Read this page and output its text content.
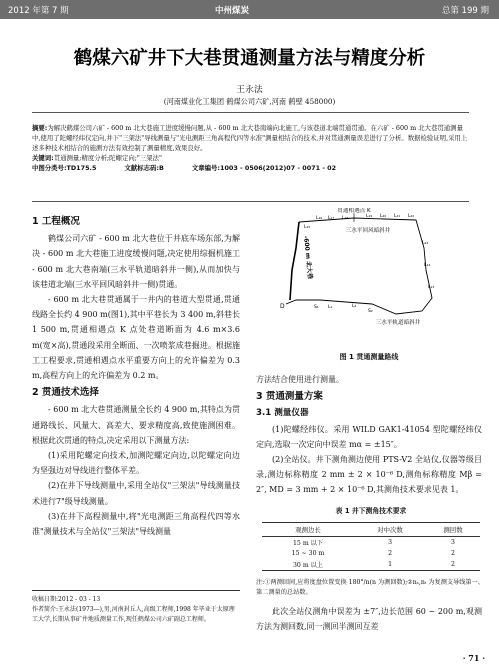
2012 年第 7 期	中州煤炭	总第 199 期
鹤煤六矿井下大巷贯通测量方法与精度分析
王永法
(河南煤业化工集团 鹤煤公司六矿,河南 鹤壁 458000)

摘要:为解决鹤煤公司六矿 - 600 m 北大巷施工进度缓慢问题,从 - 600 m 北大巷南端向北施工,与该巷道北端贯通贯通。在六矿 - 600 m 北大巷贯通测量中,使用了陀螺经纬仪定向,井下"三架法"导线测量与"光电测距三角高程代四等水准"测量相结合的技术,并对贯通测量误差进行了分析。数据检验证明,采用上述多种技术相结合的施测方法有效控制了测量精度,效果良好。

关键词:贯通测量;精度分析;陀螺定向;"三架法"

中图分类号:TD175.5	文献标志码:B	文章编号:1003 - 0506(2012)07 - 0071 - 02

1 工程概况

鹤煤公司六矿 - 600 m 北大巷位于井底车场东部,为解决 - 600 m 北大巷施工进度缓慢问题,决定使用综掘机施工 - 600 m 北大巷南端(三水平轨道暗斜井一侧),从而加快与该巷道北端(三水平回风暗斜井一侧)贯通。

- 600 m 北大巷贯通属于一井内的巷道大型贯通,贯通线路全长约 4 900 m(图1),其中平巷长为 3 400 m,斜巷长 1 500 m,贯通相遇点 K 点处巷道断面为 4.6 m×3.6 m(宽×高),贯通段采用全断面、一次喷浆成巷掘进。根据施工工程要求,贯通相遇点水平重要方向上的允许偏差为 0.3 m,高程方向上的允许偏差为 0.2 m。

2 贯通技术选择

- 600 m 北大巷贯通测量全长约 4 900 m,其特点为贯通路线长、风量大、高差大、要求精度高,致使施测困难。根据此次贯通的特点,决定采用以下测量方法:

(1)采用陀螺定向技术,加测陀螺定向边,以陀螺定向边为坚强边对导线进行整体平差。

(2)在井下导线测量中,采用全站仪"三架法"导线测量技术进行7"级导线测量。

(3)在井下高程测量中,将"光电测距三角高程代四等水准"测量技术与全站仪"三架法"导线测量

收稿日期:2012 - 03 - 13

作者简介:王永法(1973—),男,河南封丘人,高级工程师,1998 年毕业于太原理工大学,长期从事矿井地质测量工作,现任鹤煤公司六矿副总工程师。

贯通相遇点 K
三水平回风暗斜井
三水平轨道暗斜井
-600 m 北大巷
D
L₁₅
L₁₆ L₁₇ L₁₈	L₁₉ L₂₀ L₂₁ L₂₂
L₂₃
L₁₄
L₁₃
S₁ L₁	L₂
S₂
图 1 贯通测量路线

方法结合使用进行测量。

3 贯通测量方案

3.1 测量仪器

(1)陀螺经纬仪。采用 WILD GAK1-41054 型陀螺经纬仪定向,选取一次定向中误差 mα = ±15″。

(2)全站仪。井下测角测边使用 PTS-V2 全站仪,仪器等级目录,测边标称精度 2 mm ± 2 × 10⁻⁶ D,测角标称精度 Mβ = 2″, MD = 3 mm + 2 × 10⁻⁶ D,其测角技术要求见表 1。

表 1 井下测角技术要求
观测边长	对中次数	测回数
15 m 以下	3	3
15 ~ 30 m	2	2
30 m 以上	1	2
注:①两测回间,应将度盘位置变换 180°/n(n 为测回数);②nₛ,nₜ 为复测支导线第一、第二测量的总站数。

此次全站仪测角中误差为 ±7″,边长范围 60 ~ 200 m,观测方法为测回数,同一测回半测回互差

· 71 ·
